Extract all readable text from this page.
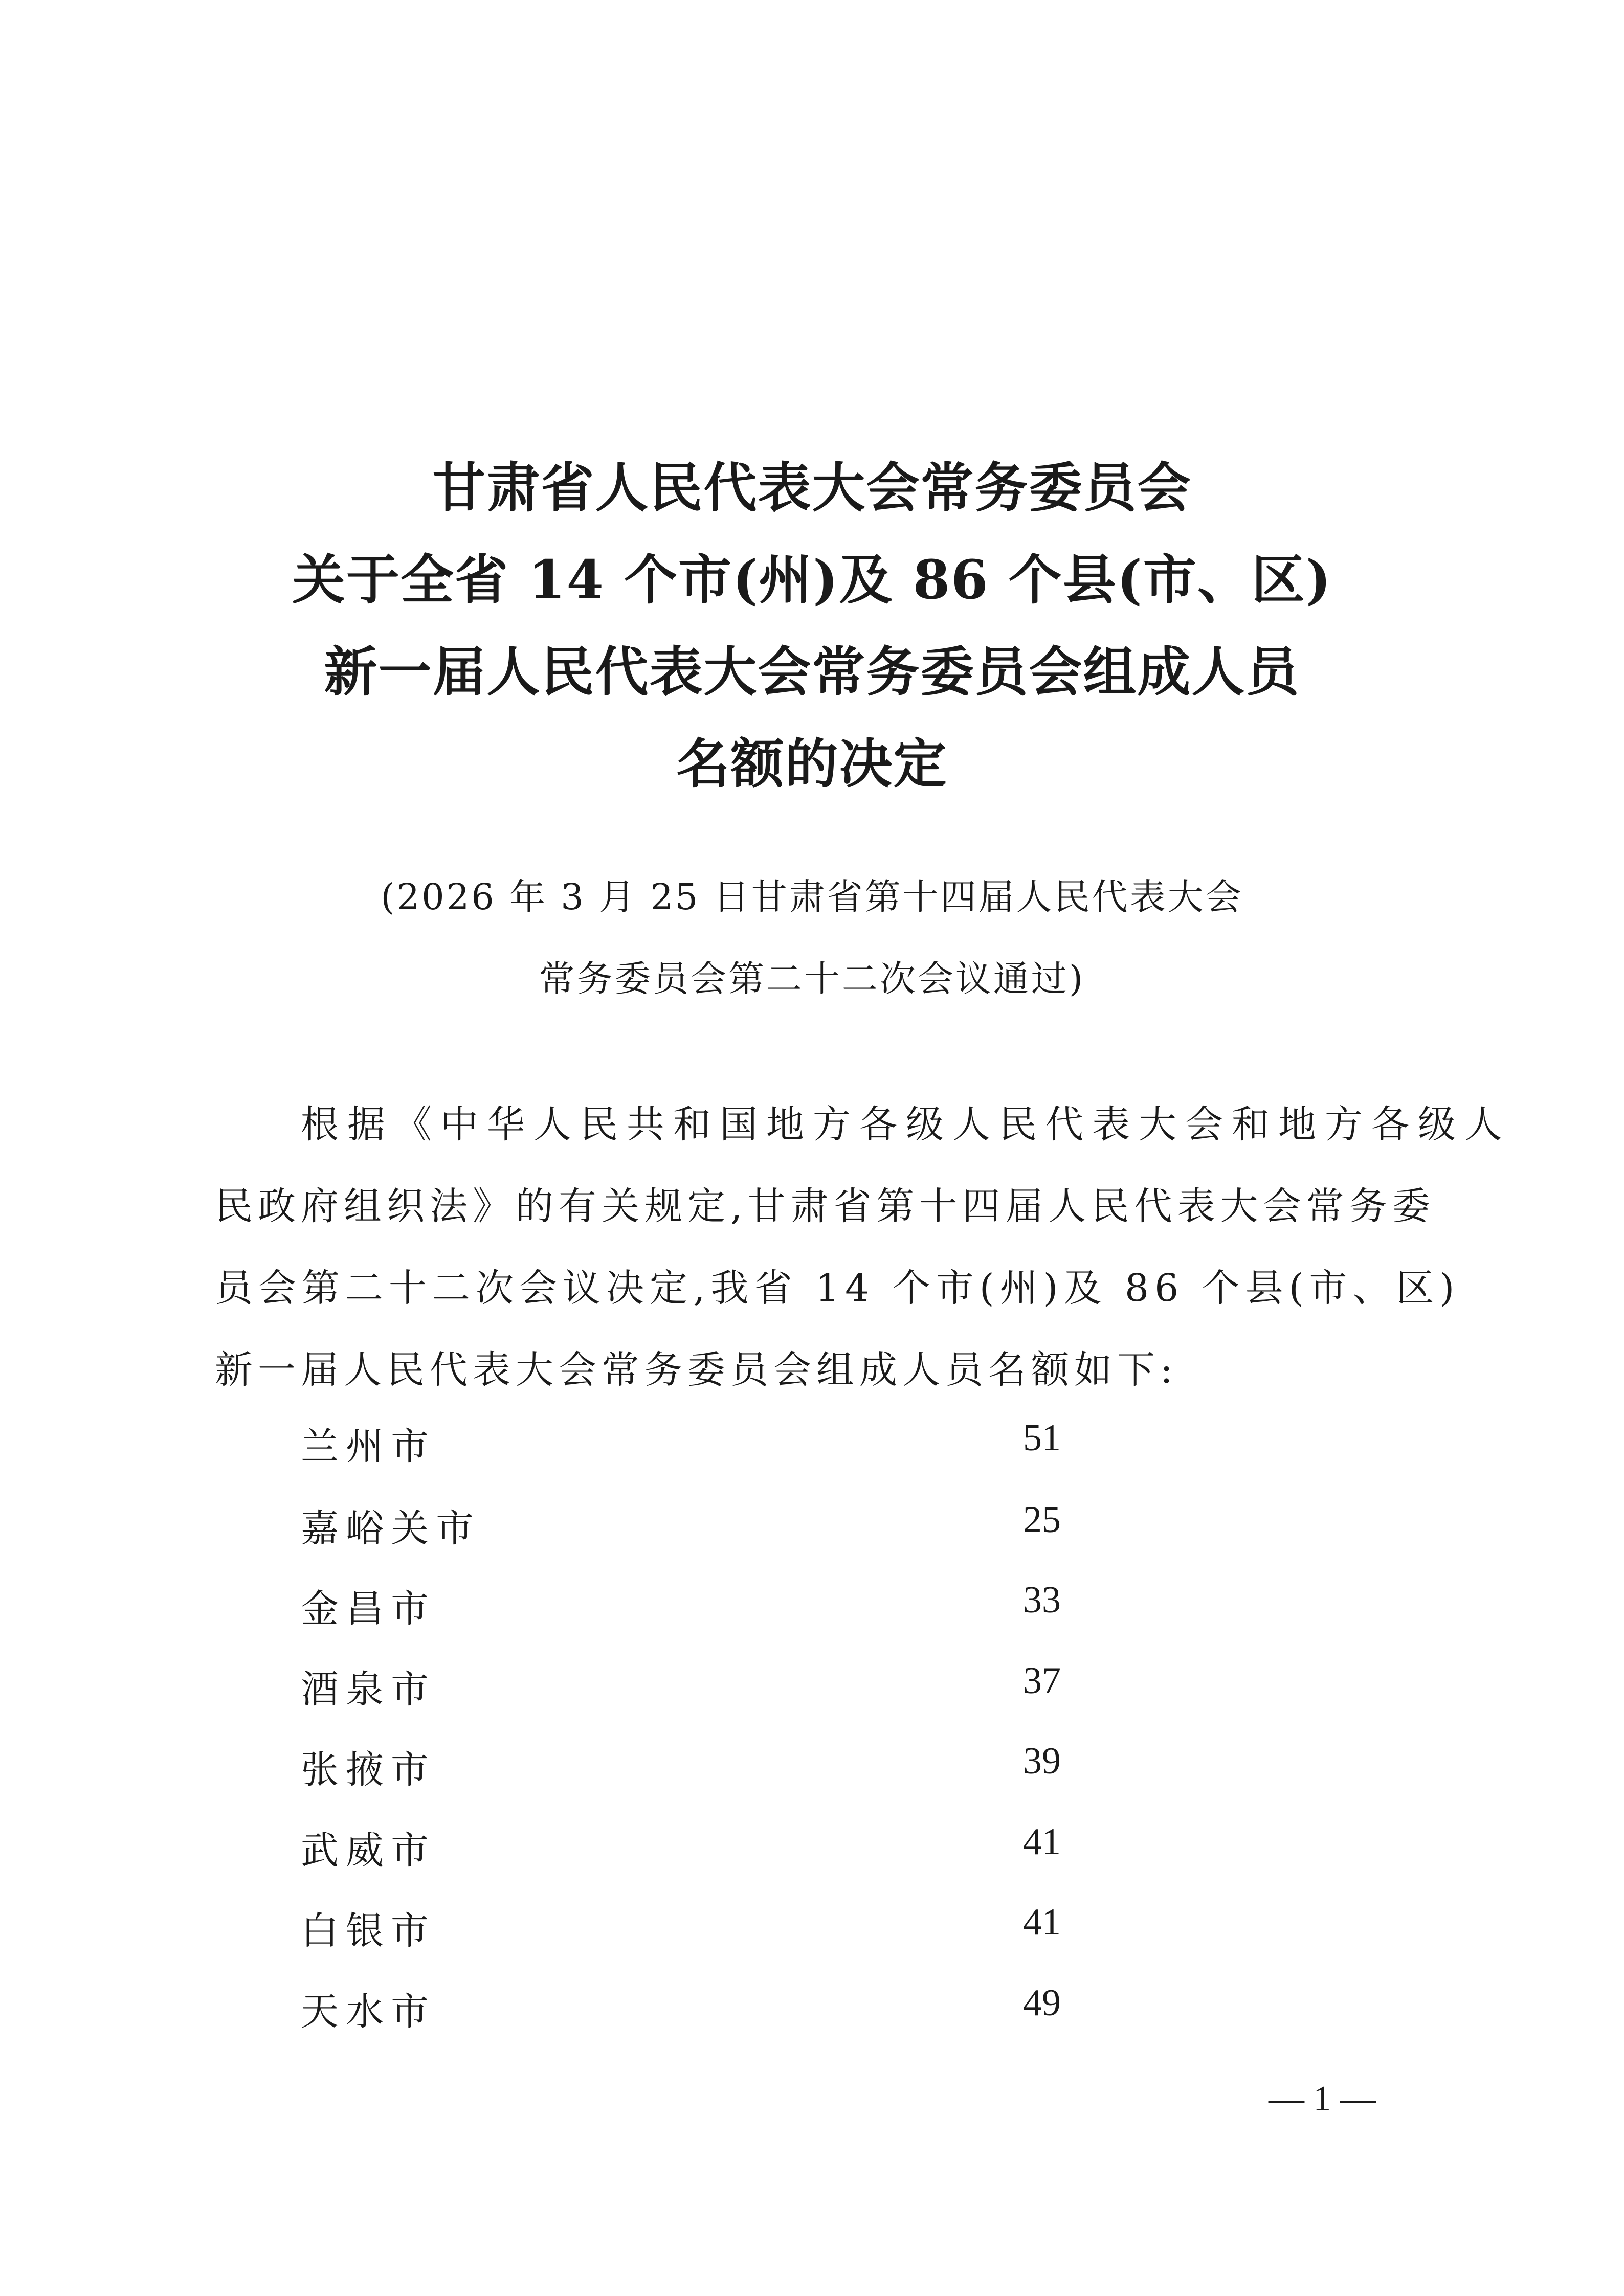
甘肃省人民代表大会常务委员会
关于全省 14 个市(州)及 86 个县(市、区)
新一届人民代表大会常务委员会组成人员
名额的决定
(2026 年 3 月 25 日甘肃省第十四届人民代表大会
常务委员会第二十二次会议通过)
根据《中华人民共和国地方各级人民代表大会和地方各级人
民政府组织法》的有关规定,甘肃省第十四届人民代表大会常务委
员会第二十二次会议决定,我省 14 个市(州)及 86 个县(市、区)
新一届人民代表大会常务委员会组成人员名额如下:
兰州市	51
嘉峪关市	25
金昌市	33
酒泉市	37
张掖市	39
武威市	41
白银市	41
天水市	49
— 1 —
